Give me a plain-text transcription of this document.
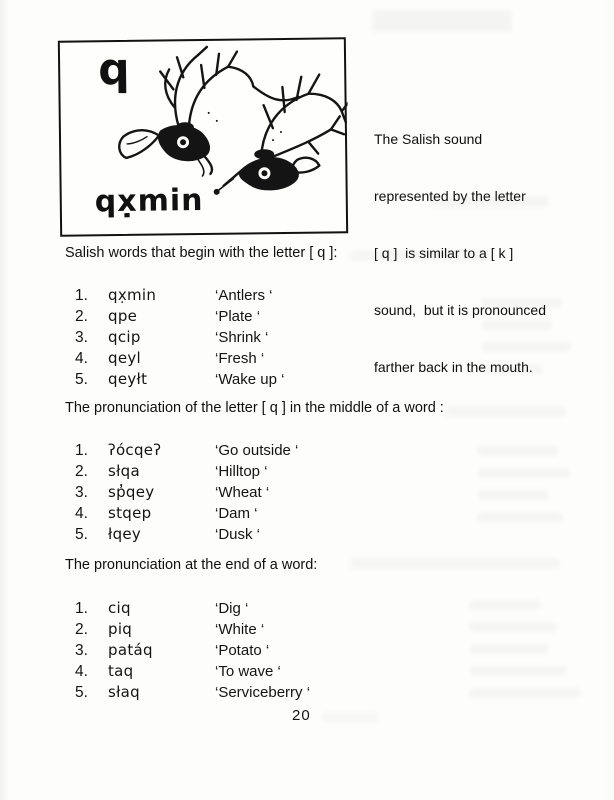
q
qx̣min

The Salish sound

represented by the letter

[ q ]  is similar to a [ k ]

sound,  but it is pronounced

farther back in the mouth.

Salish words that begin with the letter [ q ]:
1.	qx̣min	‘Antlers ‘
2.	qpe	‘Plate ‘
3.	qcip	‘Shrink ‘
4.	qeyl	‘Fresh ‘
5.	qeyłt	‘Wake up ‘
The pronunciation of the letter [ q ] in the middle of a word :
1.	ʔócqeʔ	‘Go outside ‘
2.	słqa	‘Hilltop ‘
3.	sp̓qey	‘Wheat ‘
4.	stqep	‘Dam ‘
5.	łqey	‘Dusk ‘
The pronunciation at the end of a word:
1.	ciq	‘Dig ‘
2.	piq	‘White ‘
3.	patáq	‘Potato ‘
4.	taq	‘To wave ‘
5.	słaq	‘Serviceberry ‘
20
